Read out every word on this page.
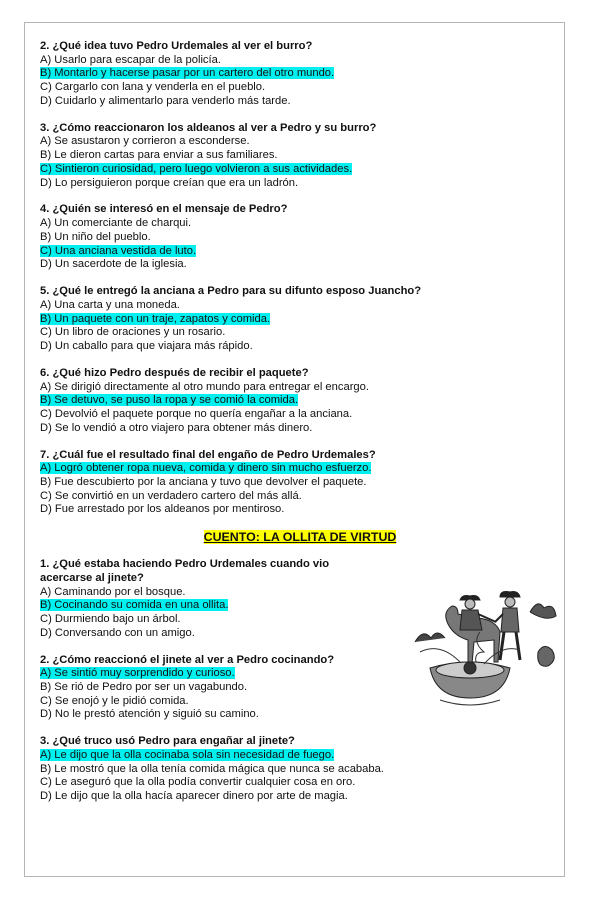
2. ¿Qué idea tuvo Pedro Urdemales al ver el burro?
A) Usarlo para escapar de la policía.
B) Montarlo y hacerse pasar por un cartero del otro mundo.
C) Cargarlo con lana y venderla en el pueblo.
D) Cuidarlo y alimentarlo para venderlo más tarde.
3. ¿Cómo reaccionaron los aldeanos al ver a Pedro y su burro?
A) Se asustaron y corrieron a esconderse.
B) Le dieron cartas para enviar a sus familiares.
C) Sintieron curiosidad, pero luego volvieron a sus actividades.
D) Lo persiguieron porque creían que era un ladrón.
4. ¿Quién se interesó en el mensaje de Pedro?
A) Un comerciante de charqui.
B) Un niño del pueblo.
C) Una anciana vestida de luto.
D) Un sacerdote de la iglesia.
5. ¿Qué le entregó la anciana a Pedro para su difunto esposo Juancho?
A) Una carta y una moneda.
B) Un paquete con un traje, zapatos y comida.
C) Un libro de oraciones y un rosario.
D) Un caballo para que viajara más rápido.
6. ¿Qué hizo Pedro después de recibir el paquete?
A) Se dirigió directamente al otro mundo para entregar el encargo.
B) Se detuvo, se puso la ropa y se comió la comida.
C) Devolvió el paquete porque no quería engañar a la anciana.
D) Se lo vendió a otro viajero para obtener más dinero.
7. ¿Cuál fue el resultado final del engaño de Pedro Urdemales?
A) Logró obtener ropa nueva, comida y dinero sin mucho esfuerzo.
B) Fue descubierto por la anciana y tuvo que devolver el paquete.
C) Se convirtió en un verdadero cartero del más allá.
D) Fue arrestado por los aldeanos por mentiroso.
CUENTO: LA OLLITA DE VIRTUD
1. ¿Qué estaba haciendo Pedro Urdemales cuando vio acercarse al jinete?
A) Caminando por el bosque.
B) Cocinando su comida en una ollita.
C) Durmiendo bajo un árbol.
D) Conversando con un amigo.
2. ¿Cómo reaccionó el jinete al ver a Pedro cocinando?
A) Se sintió muy sorprendido y curioso.
B) Se rió de Pedro por ser un vagabundo.
C) Se enojó y le pidió comida.
D) No le prestó atención y siguió su camino.
3. ¿Qué truco usó Pedro para engañar al jinete?
A) Le dijo que la olla cocinaba sola sin necesidad de fuego.
B) Le mostró que la olla tenía comida mágica que nunca se acababa.
C) Le aseguró que la olla podía convertir cualquier cosa en oro.
D) Le dijo que la olla hacía aparecer dinero por arte de magia.
